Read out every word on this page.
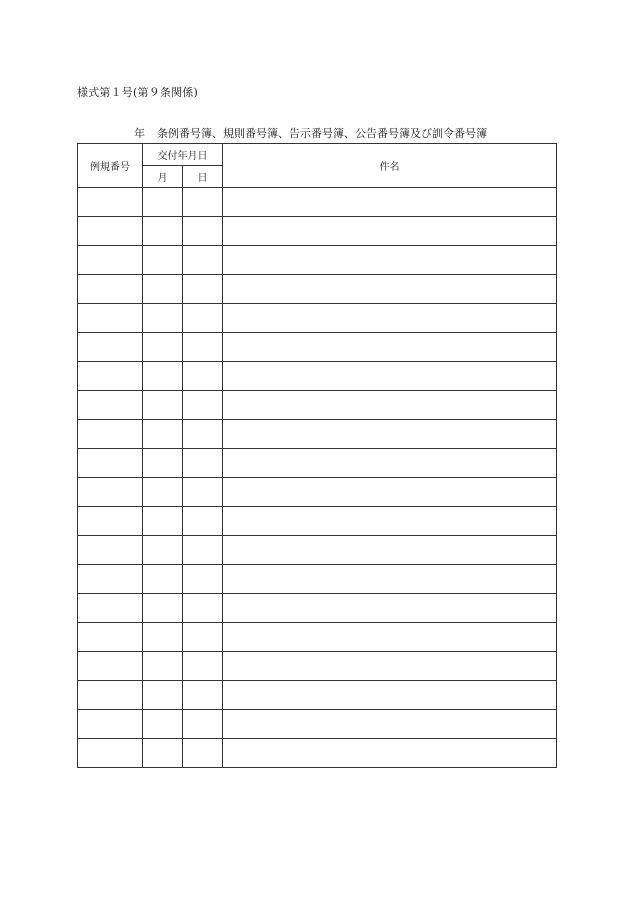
様式第１号(第９条関係)
年 条例番号簿、規則番号簿、告示番号簿、公告番号簿及び訓令番号簿
例規番号	交付年月日		件名
	月	日	
